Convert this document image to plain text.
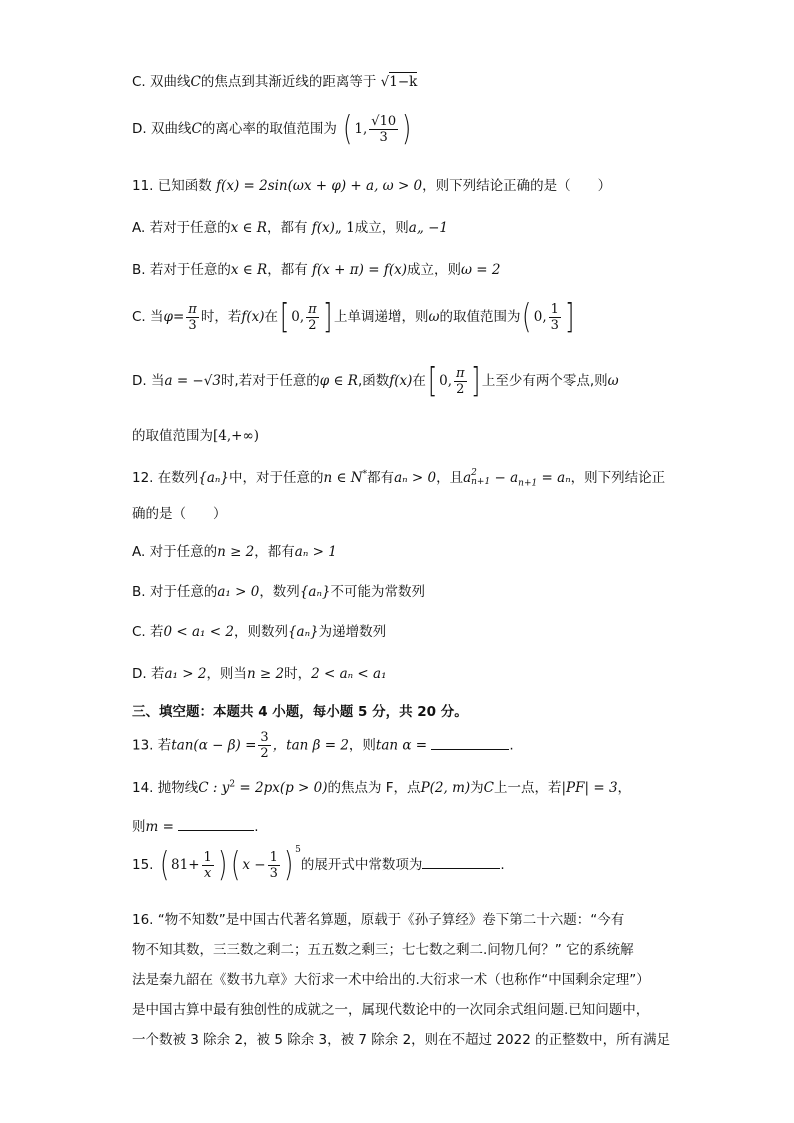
C. 双曲线C的焦点到其渐近线的距离等于 √1−k
D. 双曲线C的离心率的取值范围为 ( 1, $\frac{√10}{3}$ )
11. 已知函数 f(x) = 2sin(ωx + φ) + a, ω > 0，则下列结论正确的是（　　）
A. 若对于任意的x ∈ R，都有 f(x)„ 1成立，则a„ −1
B. 若对于任意的x ∈ R，都有 f(x + π) = f(x)成立，则ω = 2
C. 当$\varphi= \frac{\pi}{3}$ 时，若f(x)在[ 0, $\frac{\pi}{2}$ ] 上单调递增，则ω的取值范围为( 0, $\frac{1}{3}$ ]
D. 当a = −√3时,若对于任意的φ ∈ R,函数f(x)在[ 0, $\frac{\pi}{2}$ ] 上至少有两个零点,则ω
的取值范围为[4,+∞)
12. 在数列{aₙ}中，对于任意的n ∈ N*都有aₙ > 0，且a 2
$n+1 - a_{n+1} = a_n$，则下列结论正
确的是（　　）
A. 对于任意的n ≥ 2，都有aₙ > 1
B. 对于任意的a₁ > 0，数列{aₙ}不可能为常数列
C. 若0 < a₁ < 2，则数列{aₙ}为递增数列
D. 若a₁ > 2，则当n ≥ 2时，2 < aₙ < a₁
三、填空题：本题共 4 小题，每小题 5 分，共 20 分。
13. 若$\tan(\alpha - \beta) = \frac{3}{2}$ ，tan β = 2，则tan α =	.
14. 抛物线C : $y^2 = 2px(p > 0)$的焦点为 F，点P(2, m)为C上一点，若|PF| = 3，
则m =	.
15. ( $81+ \frac{1}{x}$ ) ( $x - \frac{1}{3}$ ) $^5$的展开式中常数项为	.
16. “物不知数”是中国古代著名算题，原载于《孙子算经》卷下第二十六题：“今有
物不知其数，三三数之剩二；五五数之剩三；七七数之剩二.问物几何？” 它的系统解
法是秦九韶在《数书九章》大衍求一术中给出的.大衍求一术（也称作“中国剩余定理”）
是中国古算中最有独创性的成就之一，属现代数论中的一次同余式组问题.已知问题中，
一个数被 3 除余 2，被 5 除余 3，被 7 除余 2，则在不超过 2022 的正整数中，所有满足
